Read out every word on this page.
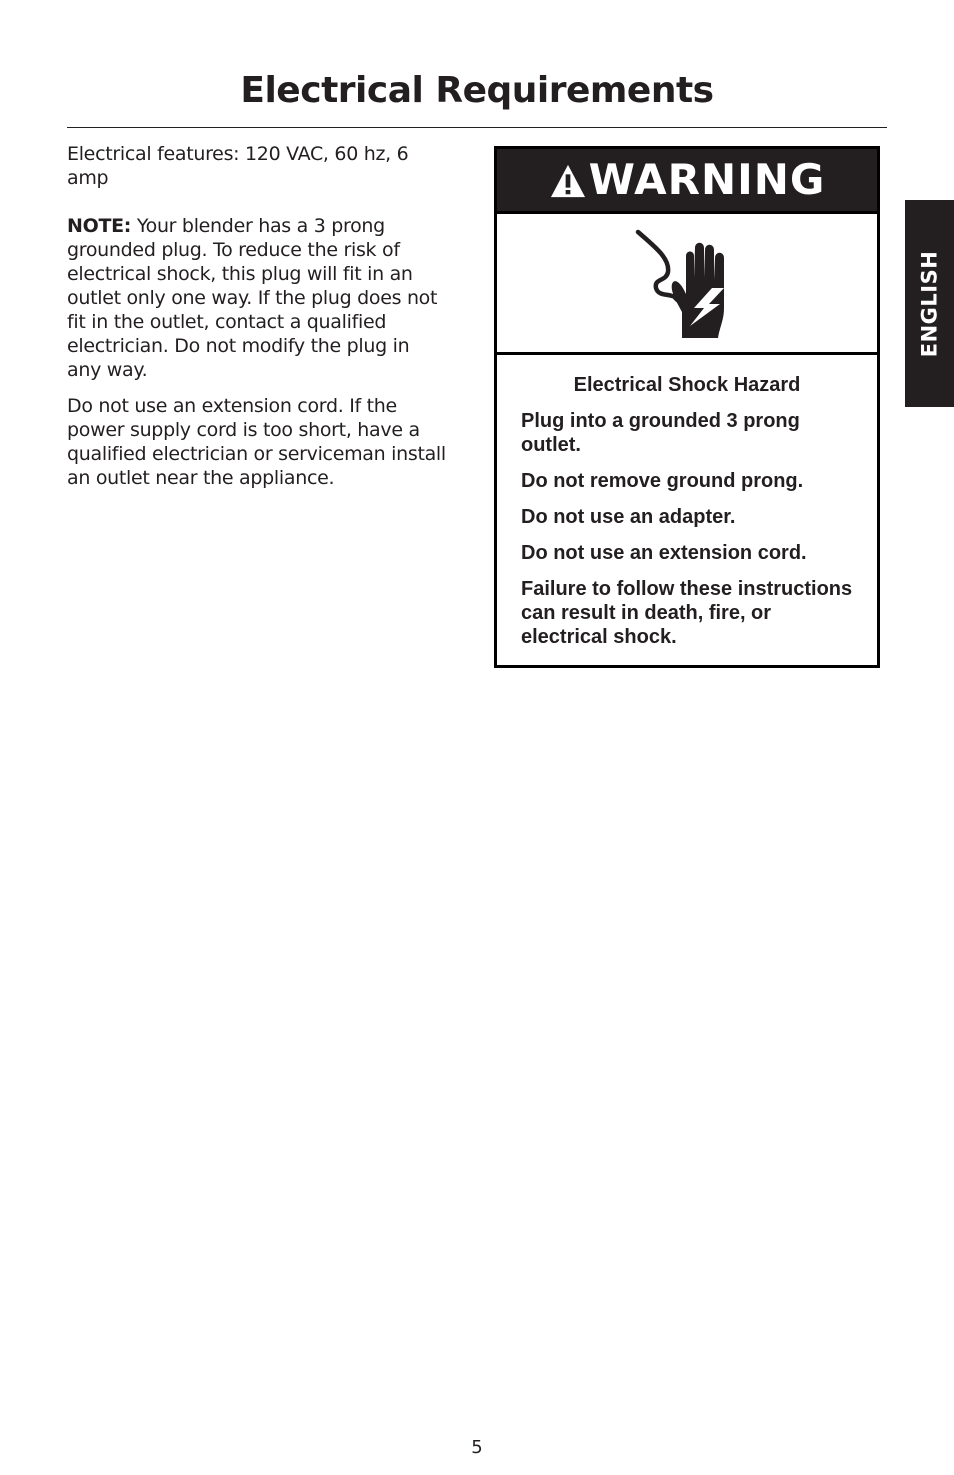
Electrical Requirements

Electrical features: 120 VAC, 60 hz, 6 amp

NOTE: Your blender has a 3 prong grounded plug. To reduce the risk of electrical shock, this plug will fit in an outlet only one way. If the plug does not fit in the outlet, contact a qualified electrician. Do not modify the plug in any way.

Do not use an extension cord. If the power supply cord is too short, have a qualified electrician or serviceman install an outlet near the appliance.

WARNING

Electrical Shock Hazard

Plug into a grounded 3 prong outlet.

Do not remove ground prong.

Do not use an adapter.

Do not use an extension cord.

Failure to follow these instructions can result in death, fire, or electrical shock.

ENGLISH
5
